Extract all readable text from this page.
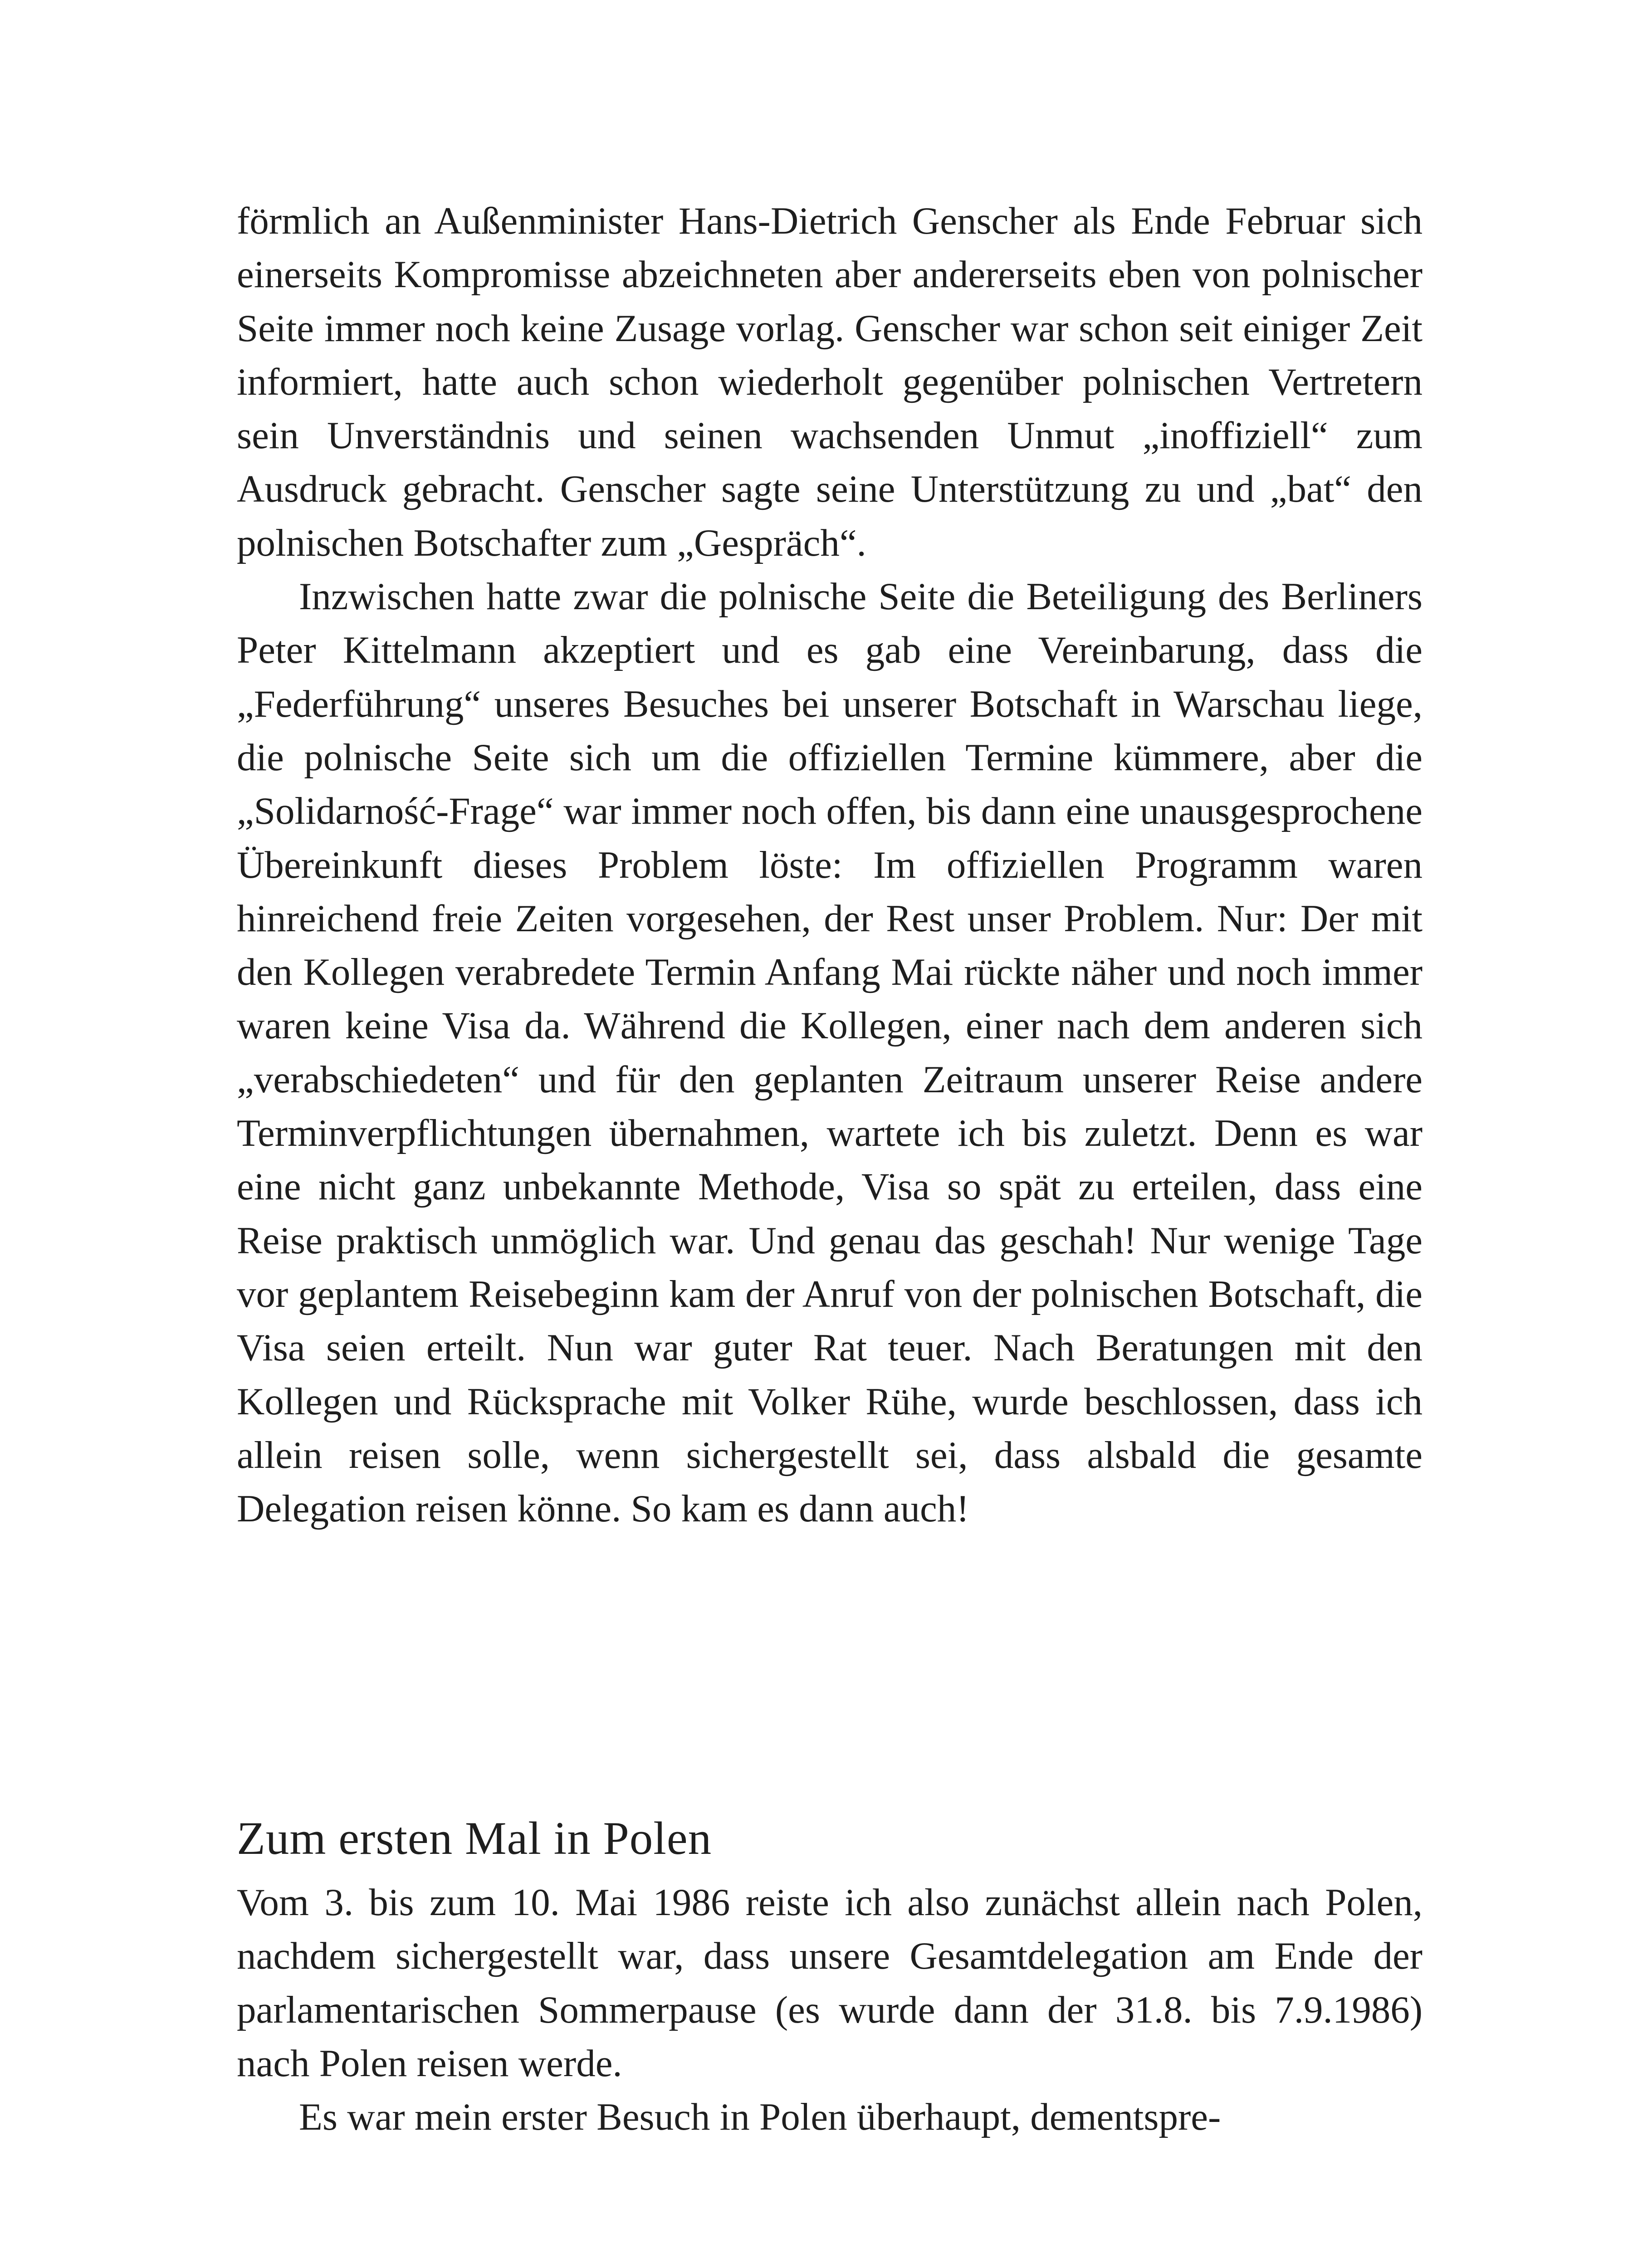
förmlich an Außenminister Hans-Dietrich Genscher als Ende Februar sich einerseits Kompromisse abzeichneten aber andererseits eben von polnischer Seite immer noch keine Zusage vorlag. Genscher war schon seit einiger Zeit informiert, hatte auch schon wiederholt gegenüber polnischen Vertretern sein Unverständnis und seinen wachsenden Unmut „inoffiziell“ zum Ausdruck gebracht. Genscher sagte seine Unterstützung zu und „bat“ den polnischen Botschafter zum „Gespräch“.

Inzwischen hatte zwar die polnische Seite die Beteiligung des Berliners Peter Kittelmann akzeptiert und es gab eine Vereinbarung, dass die „Federführung“ unseres Besuches bei unserer Botschaft in Warschau liege, die polnische Seite sich um die offiziellen Termine kümmere, aber die „Solidarność-Frage“ war immer noch offen, bis dann eine unausgesprochene Übereinkunft dieses Problem löste: Im offiziellen Programm waren hinreichend freie Zeiten vorgesehen, der Rest unser Problem. Nur: Der mit den Kollegen verabredete Termin Anfang Mai rückte näher und noch immer waren keine Visa da. Während die Kollegen, einer nach dem anderen sich „verabschiedeten“ und für den geplanten Zeitraum unserer Reise andere Terminverpflichtungen übernahmen, wartete ich bis zuletzt. Denn es war eine nicht ganz unbekannte Methode, Visa so spät zu erteilen, dass eine Reise praktisch unmöglich war. Und genau das geschah! Nur wenige Tage vor geplantem Reisebeginn kam der Anruf von der polnischen Botschaft, die Visa seien erteilt. Nun war guter Rat teuer. Nach Beratungen mit den Kollegen und Rücksprache mit Volker Rühe, wurde beschlossen, dass ich allein reisen solle, wenn sichergestellt sei, dass alsbald die gesamte Delegation reisen könne. So kam es dann auch!

Zum ersten Mal in Polen

Vom 3. bis zum 10. Mai 1986 reiste ich also zunächst allein nach Polen, nachdem sichergestellt war, dass unsere Gesamtdelegation am Ende der parlamentarischen Sommerpause (es wurde dann der 31.8. bis 7.9.1986) nach Polen reisen werde.

Es war mein erster Besuch in Polen überhaupt, dementspre-
